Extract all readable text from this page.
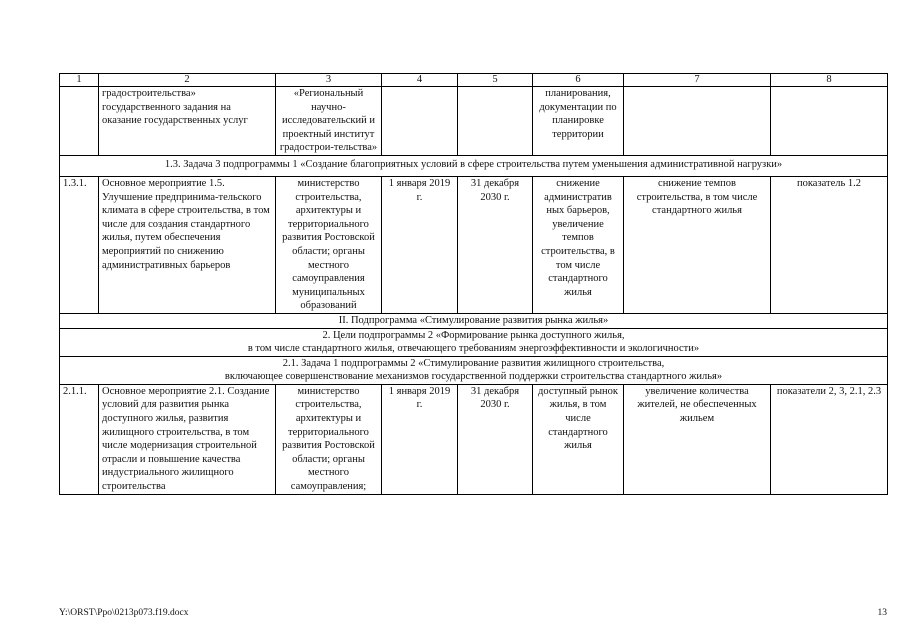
1	2	3	4	5	6	7	8
	градостроительства» государственного задания на оказание государственных услуг	«Региональный научно-исследовательский и проектный институт градострои-тельства»			планирования, документации по планировке территории		
1.3. Задача 3 подпрограммы 1 «Создание благоприятных условий в сфере строительства путем уменьшения административной нагрузки»							
1.3.1.	Основное мероприятие 1.5. Улучшение предпринима-тельского климата в сфере строительства, в том числе для создания стандартного жилья, путем обеспечения мероприятий по снижению административных барьеров	министерство строительства, архитектуры и территориального развития Ростовской области; органы местного самоуправления муниципальных образований	1 января 2019 г.	31 декабря 2030 г.	снижение административ ных барьеров, увеличение темпов строительства, в том числе стандартного жилья	снижение темпов строительства, в том числе стандартного жилья	показатель 1.2
II. Подпрограмма «Стимулирование развития рынка жилья»							
2. Цели подпрограммы 2 «Формирование рынка доступного жилья,
в том числе стандартного жилья, отвечающего требованиям энергоэффективности и экологичности»							
2.1. Задача 1 подпрограммы 2 «Стимулирование развития жилищного строительства,
включающее совершенствование механизмов государственной поддержки строительства стандартного жилья»							
2.1.1.	Основное мероприятие 2.1. Создание условий для развития рынка доступного жилья, развития жилищного строительства, в том числе модернизация строительной отрасли и повышение качества индустриального жилищного строительства	министерство строительства, архитектуры и территориального развития Ростовской области; органы местного самоуправления;	1 января 2019 г.	31 декабря 2030 г.	доступный рынок жилья, в том числе стандартного жилья	увеличение количества жителей, не обеспеченных жильем	показатели 2, 3, 2.1, 2.3
Y:\ORST\Ppo\0213p073.f19.docx	13
